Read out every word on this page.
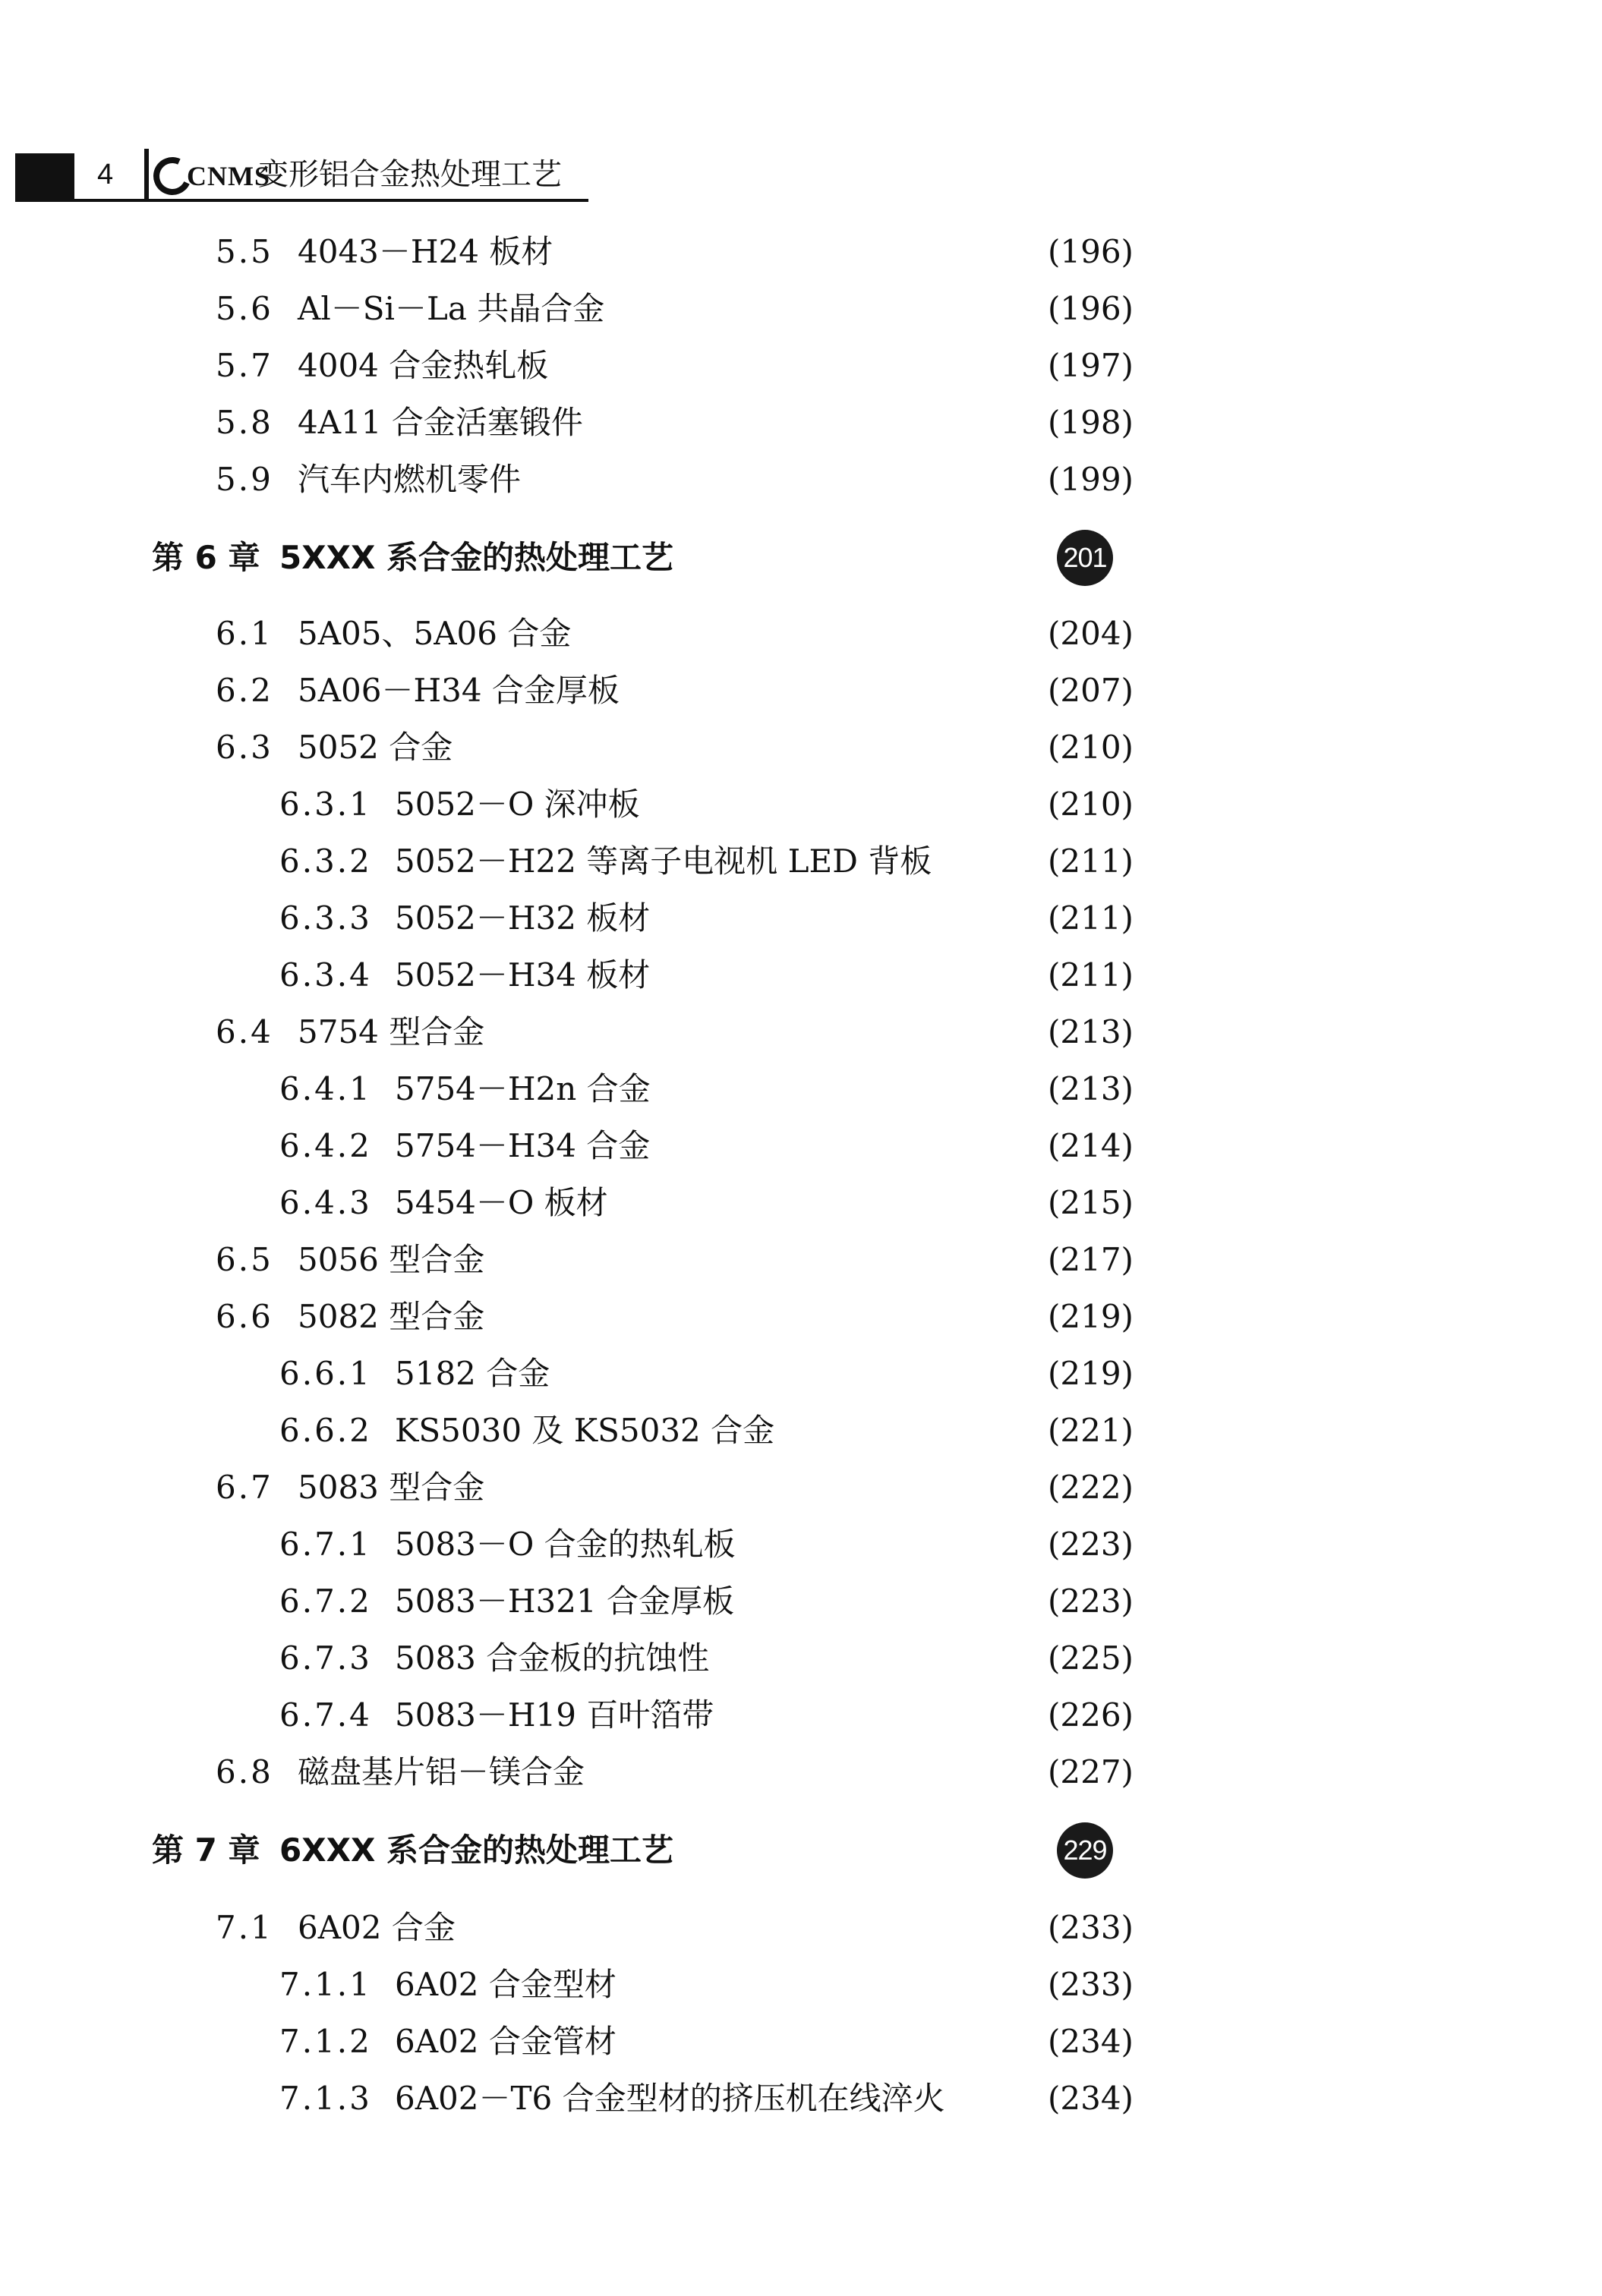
4	CNMS
变形铝合金热处理工艺
5.5 4043－H24 板材	(196)
5.6 Al－Si－La 共晶合金	(196)
5.7 4004 合金热轧板	(197)
5.8 4A11 合金活塞锻件	(198)
5.9 汽车内燃机零件	(199)
第 6 章 5XXX 系合金的热处理工艺	201
6.1 5A05、5A06 合金	(204)
6.2 5A06－H34 合金厚板	(207)
6.3 5052 合金	(210)
6.3.1 5052－O 深冲板	(210)
6.3.2 5052－H22 等离子电视机 LED 背板	(211)
6.3.3 5052－H32 板材	(211)
6.3.4 5052－H34 板材	(211)
6.4 5754 型合金	(213)
6.4.1 5754－H2n 合金	(213)
6.4.2 5754－H34 合金	(214)
6.4.3 5454－O 板材	(215)
6.5 5056 型合金	(217)
6.6 5082 型合金	(219)
6.6.1 5182 合金	(219)
6.6.2 KS5030 及 KS5032 合金	(221)
6.7 5083 型合金	(222)
6.7.1 5083－O 合金的热轧板	(223)
6.7.2 5083－H321 合金厚板	(223)
6.7.3 5083 合金板的抗蚀性	(225)
6.7.4 5083－H19 百叶箔带	(226)
6.8 磁盘基片铝－镁合金	(227)
第 7 章 6XXX 系合金的热处理工艺	229
7.1 6A02 合金	(233)
7.1.1 6A02 合金型材	(233)
7.1.2 6A02 合金管材	(234)
7.1.3 6A02－T6 合金型材的挤压机在线淬火	(234)
